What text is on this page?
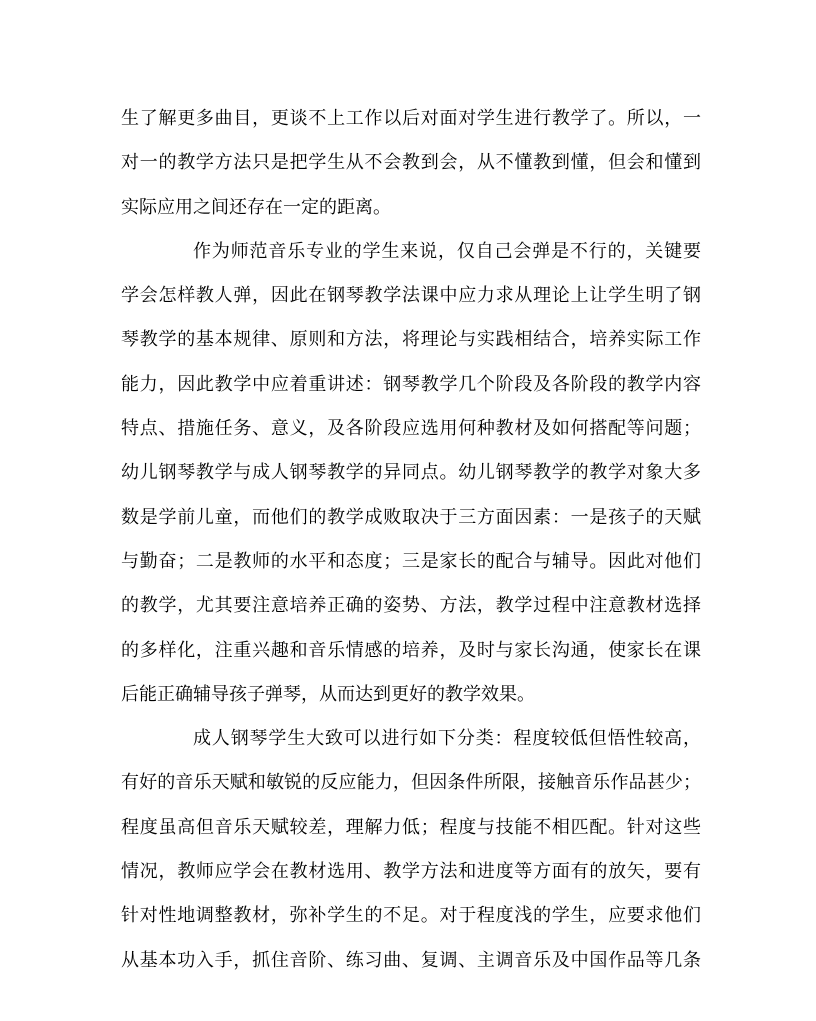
生了解更多曲目，更谈不上工作以后对面对学生进行教学了。所以，一
对一的教学方法只是把学生从不会教到会，从不懂教到懂，但会和懂到
实际应用之间还存在一定的距离。
作为师范音乐专业的学生来说，仅自己会弹是不行的，关键要
学会怎样教人弹，因此在钢琴教学法课中应力求从理论上让学生明了钢
琴教学的基本规律、原则和方法，将理论与实践相结合，培养实际工作
能力，因此教学中应着重讲述：钢琴教学几个阶段及各阶段的教学内容
特点、措施任务、意义，及各阶段应选用何种教材及如何搭配等问题；
幼儿钢琴教学与成人钢琴教学的异同点。幼儿钢琴教学的教学对象大多
数是学前儿童，而他们的教学成败取决于三方面因素：一是孩子的天赋
与勤奋；二是教师的水平和态度；三是家长的配合与辅导。因此对他们
的教学，尤其要注意培养正确的姿势、方法，教学过程中注意教材选择
的多样化，注重兴趣和音乐情感的培养，及时与家长沟通，使家长在课
后能正确辅导孩子弹琴，从而达到更好的教学效果。
成人钢琴学生大致可以进行如下分类：程度较低但悟性较高，
有好的音乐天赋和敏锐的反应能力，但因条件所限，接触音乐作品甚少；
程度虽高但音乐天赋较差，理解力低；程度与技能不相匹配。针对这些
情况，教师应学会在教材选用、教学方法和进度等方面有的放矢，要有
针对性地调整教材，弥补学生的不足。对于程度浅的学生，应要求他们
从基本功入手，抓住音阶、练习曲、复调、主调音乐及中国作品等几条
